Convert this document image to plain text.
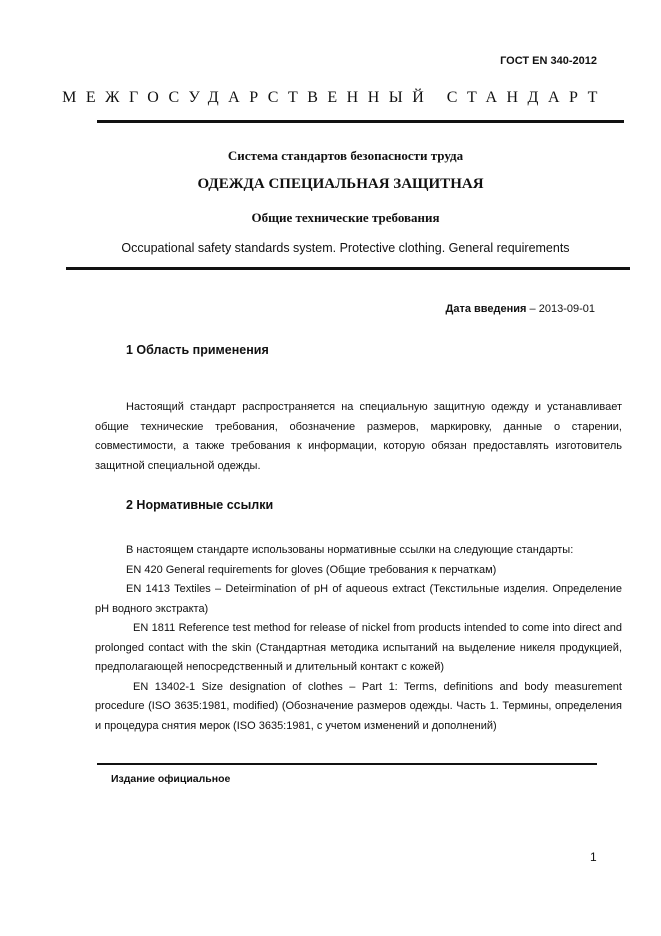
ГОСТ EN 340-2012
МЕЖГОСУДАРСТВЕННЫЙ СТАНДАРТ
Система стандартов безопасности труда
ОДЕЖДА СПЕЦИАЛЬНАЯ ЗАЩИТНАЯ
Общие технические требования
Occupational safety standards system. Protective clothing. General requirements
Дата введения – 2013-09-01
1 Область применения
Настоящий стандарт распространяется на специальную защитную одежду и устанавливает общие технические требования, обозначение размеров, маркировку, данные о старении, совместимости, а также требования к информации, которую обязан предоставлять изготовитель защитной специальной одежды.
2 Нормативные ссылки

В настоящем стандарте использованы нормативные ссылки на следующие стандарты:

EN 420 General requirements for gloves (Общие требования к перчаткам)

EN 1413 Textiles – Deteirmination of pH of aqueous extract (Текстильные изделия. Определение pH водного экстракта)

EN 1811 Reference test method for release of nickel from products intended to come into direct and prolonged contact with the skin (Стандартная методика испытаний на выделение никеля продукцией, предполагающей непосредственный и длительный контакт с кожей)

EN 13402-1 Size designation of clothes – Part 1: Terms, definitions and body measurement procedure (ISO 3635:1981, modified) (Обозначение размеров одежды. Часть 1. Термины, определения и процедура снятия мерок (ISO 3635:1981, с учетом изменений и дополнений)

Издание официальное
1
